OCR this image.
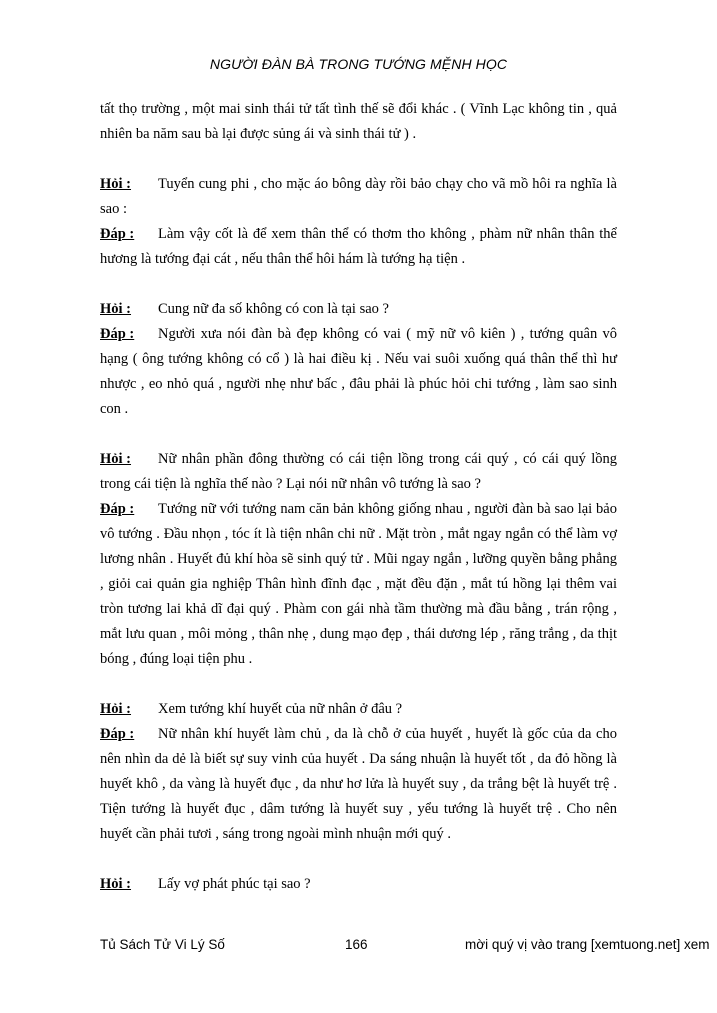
NGƯỜI ĐÀN BÀ TRONG TƯỚNG MỆNH HỌC

tất thọ trường , một mai sinh thái tử tất tình thế sẽ đổi khác . ( Vĩnh Lạc không tin , quả nhiên ba năm sau bà lại được sủng ái và sinh thái tử ) .

Hỏi : Tuyển cung phi , cho mặc áo bông dày rồi bảo chạy cho vã mồ hôi ra nghĩa là sao :

Đáp : Làm vậy cốt là để xem thân thể có thơm tho không , phàm nữ nhân thân thể hương là tướng đại cát , nếu thân thể hôi hám là tướng hạ tiện .

Hỏi : Cung nữ đa số không có con là tại sao ?

Đáp : Người xưa nói đàn bà đẹp không có vai ( mỹ nữ vô kiên ) , tướng quân vô hạng ( ông tướng không có cổ ) là hai điều kị . Nếu vai suôi xuống quá thân thể thì hư nhược , eo nhỏ quá , người nhẹ như bấc , đâu phải là phúc hỏi chi tướng , làm sao sinh con .

Hỏi : Nữ nhân phần đông thường có cái tiện lồng trong cái quý , có cái quý lồng trong cái tiện là nghĩa thế nào ? Lại nói nữ nhân vô tướng là sao ?

Đáp : Tướng nữ với tướng nam căn bản không giống nhau , người đàn bà sao lại bảo vô tướng . Đầu nhọn , tóc ít là tiện nhân chi nữ . Mặt tròn , mắt ngay ngắn có thể làm vợ lương nhân . Huyết đủ khí hòa sẽ sinh quý tử . Mũi ngay ngắn , lưỡng quyền bằng phẳng , giỏi cai quản gia nghiệp Thân hình đĩnh đạc , mặt đều đặn , mắt tú hồng lại thêm vai tròn tương lai khả dĩ đại quý . Phàm con gái nhà tầm thường mà đầu bằng , trán rộng , mắt lưu quan , môi mỏng , thân nhẹ , dung mạo đẹp , thái dương lép , răng trắng , da thịt bóng , đúng loại tiện phu .

Hỏi : Xem tướng khí huyết của nữ nhân ở đâu ?

Đáp : Nữ nhân khí huyết làm chủ , da là chỗ ở của huyết , huyết là gốc của da cho nên nhìn da dẻ là biết sự suy vinh của huyết . Da sáng nhuận là huyết tốt , da đỏ hồng là huyết khô , da vàng là huyết đục , da như hơ lửa là huyết suy , da trắng bệt là huyết trệ . Tiện tướng là huyết đục , dâm tướng là huyết suy , yểu tướng là huyết trệ . Cho nên huyết cần phải tươi , sáng trong ngoài mình nhuận mới quý .

Hỏi : Lấy vợ phát phúc tại sao ?

Tủ Sách Tử Vi Lý Số	166	mời quý vị vào trang [xemtuong.net] xem
